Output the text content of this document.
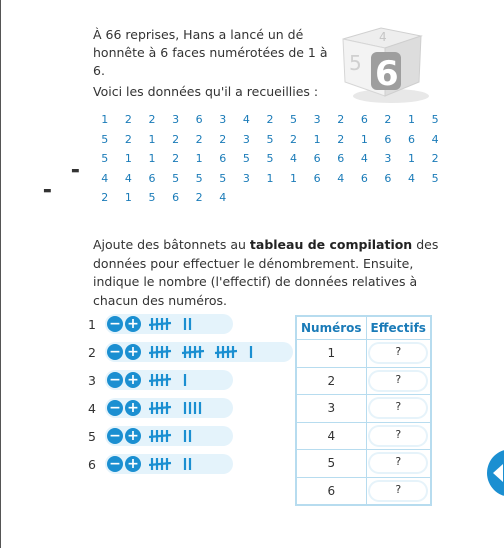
À 66 reprises, Hans a lancé un dé honnête à 6 faces numérotées de 1 à 6.
4
5 6
Voici les données qu'il a recueillies :
1 2 2 3 6 3 4 2 5 3 2 6 2 1 5
5 2 1 2 2 2 3 5 2 1 2 1 6 6 4
5 1 1 2 1 6 5 5 4 6 6 4 3 1 2
4 4 6 5 5 5 3 1 1 6 4 6 6 4 5
2 1 5 6 2 4
▬
▬
Ajoute des bâtonnets au tableau de compilation des données pour effectuer le dénombrement. Ensuite, indique le nombre (l'effectif) de données relatives à chacun des numéros.
1 − +
2 − +
3 − +
4 − +
5 − +
6 − +
Numéros	Effectifs
1	?

2	?

3	?

4	?

5	?

6	?
